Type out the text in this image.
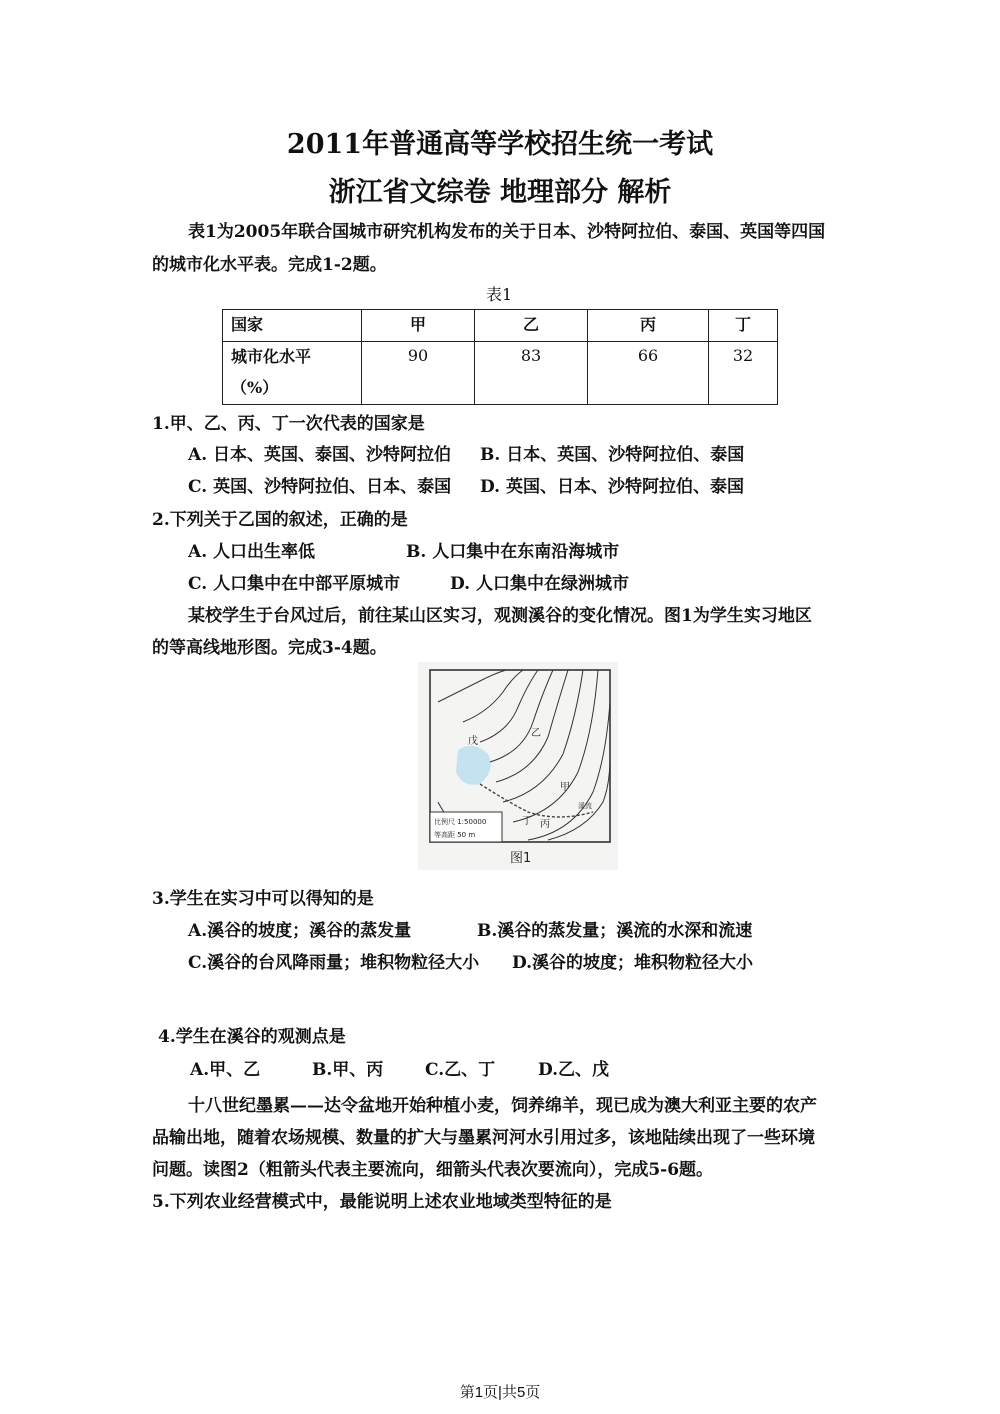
2011年普通高等学校招生统一考试
浙江省文综卷 地理部分 解析

表1为2005年联合国城市研究机构发布的关于日本、沙特阿拉伯、泰国、英国等四国

的城市化水平表。完成1-2题。

表1

国家	甲	乙	丙	丁

城市化水平
（%）	90	83	66	32

1.甲、乙、丙、丁一次代表的国家是

A. 日本、英国、泰国、沙特阿拉伯 B. 日本、英国、沙特阿拉伯、泰国

C. 英国、沙特阿拉伯、日本、泰国 D. 英国、日本、沙特阿拉伯、泰国

2.下列关于乙国的叙述，正确的是

A. 人口出生率低	B. 人口集中在东南沿海城市

C. 人口集中在中部平原城市	D. 人口集中在绿洲城市

某校学生于台风过后，前往某山区实习，观测溪谷的变化情况。图1为学生实习地区

的等高线地形图。完成3-4题。

戊
乙
甲
丙
丁
溪流
比例尺 1:50000
等高距 50 m
图1

3.学生在实习中可以得知的是

A.溪谷的坡度；溪谷的蒸发量	B.溪谷的蒸发量；溪流的水深和流速

C.溪谷的台风降雨量；堆积物粒径大小 D.溪谷的坡度；堆积物粒径大小

4.学生在溪谷的观测点是

A.甲、乙	B.甲、丙 C.乙、丁	D.乙、戊

十八世纪墨累——达令盆地开始种植小麦，饲养绵羊，现已成为澳大利亚主要的农产

品输出地，随着农场规模、数量的扩大与墨累河河水引用过多，该地陆续出现了一些环境

问题。读图2（粗箭头代表主要流向，细箭头代表次要流向），完成5-6题。

5.下列农业经营模式中，最能说明上述农业地域类型特征的是

第1页|共5页
